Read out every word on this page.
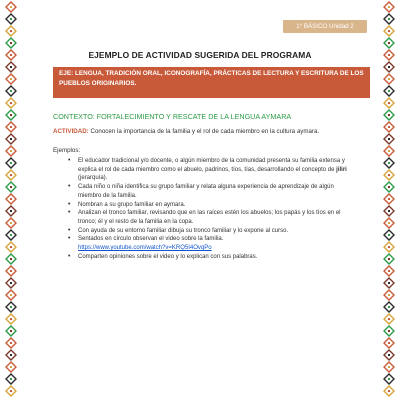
1° BÁSICO Unidad 2
EJEMPLO DE ACTIVIDAD SUGERIDA DEL PROGRAMA
EJE: LENGUA, TRADICIÓN ORAL, ICONOGRAFÍA, PRÁCTICAS DE LECTURA Y ESCRITURA DE LOS PUEBLOS ORIGINARIOS.
CONTEXTO: FORTALECIMIENTO Y RESCATE DE LA LENGUA AYMARA
ACTIVIDAD: Conocen la importancia de la familia y el rol de cada miembro en la cultura aymara.
Ejemplos:
• El educador tradicional y/o docente, o algún miembro de la comunidad presenta su familia extensa y explica el rol de cada miembro como el abuelo, padrinos, tíos, tías, desarrollando el concepto de jiliri (jerarquía).
• Cada niño o niña identifica su grupo familiar y relata alguna experiencia de aprendizaje de algún miembro de la familia.
• Nombran a su grupo familiar en aymara.
• Analizan el tronco familiar, revisando que en las raíces estén los abuelos; los papás y los tíos en el tronco; él y el resto de la familia en la copa.
• Con ayuda de su entorno familiar dibuja su tronco familiar y lo expone al curso.
• Sentados en círculo observan el video sobre la familia.
https://www.youtube.com/watch?v=KRQ5I4OvqPo
• Comparten opiniones sobre el video y lo explican con sus palabras.
